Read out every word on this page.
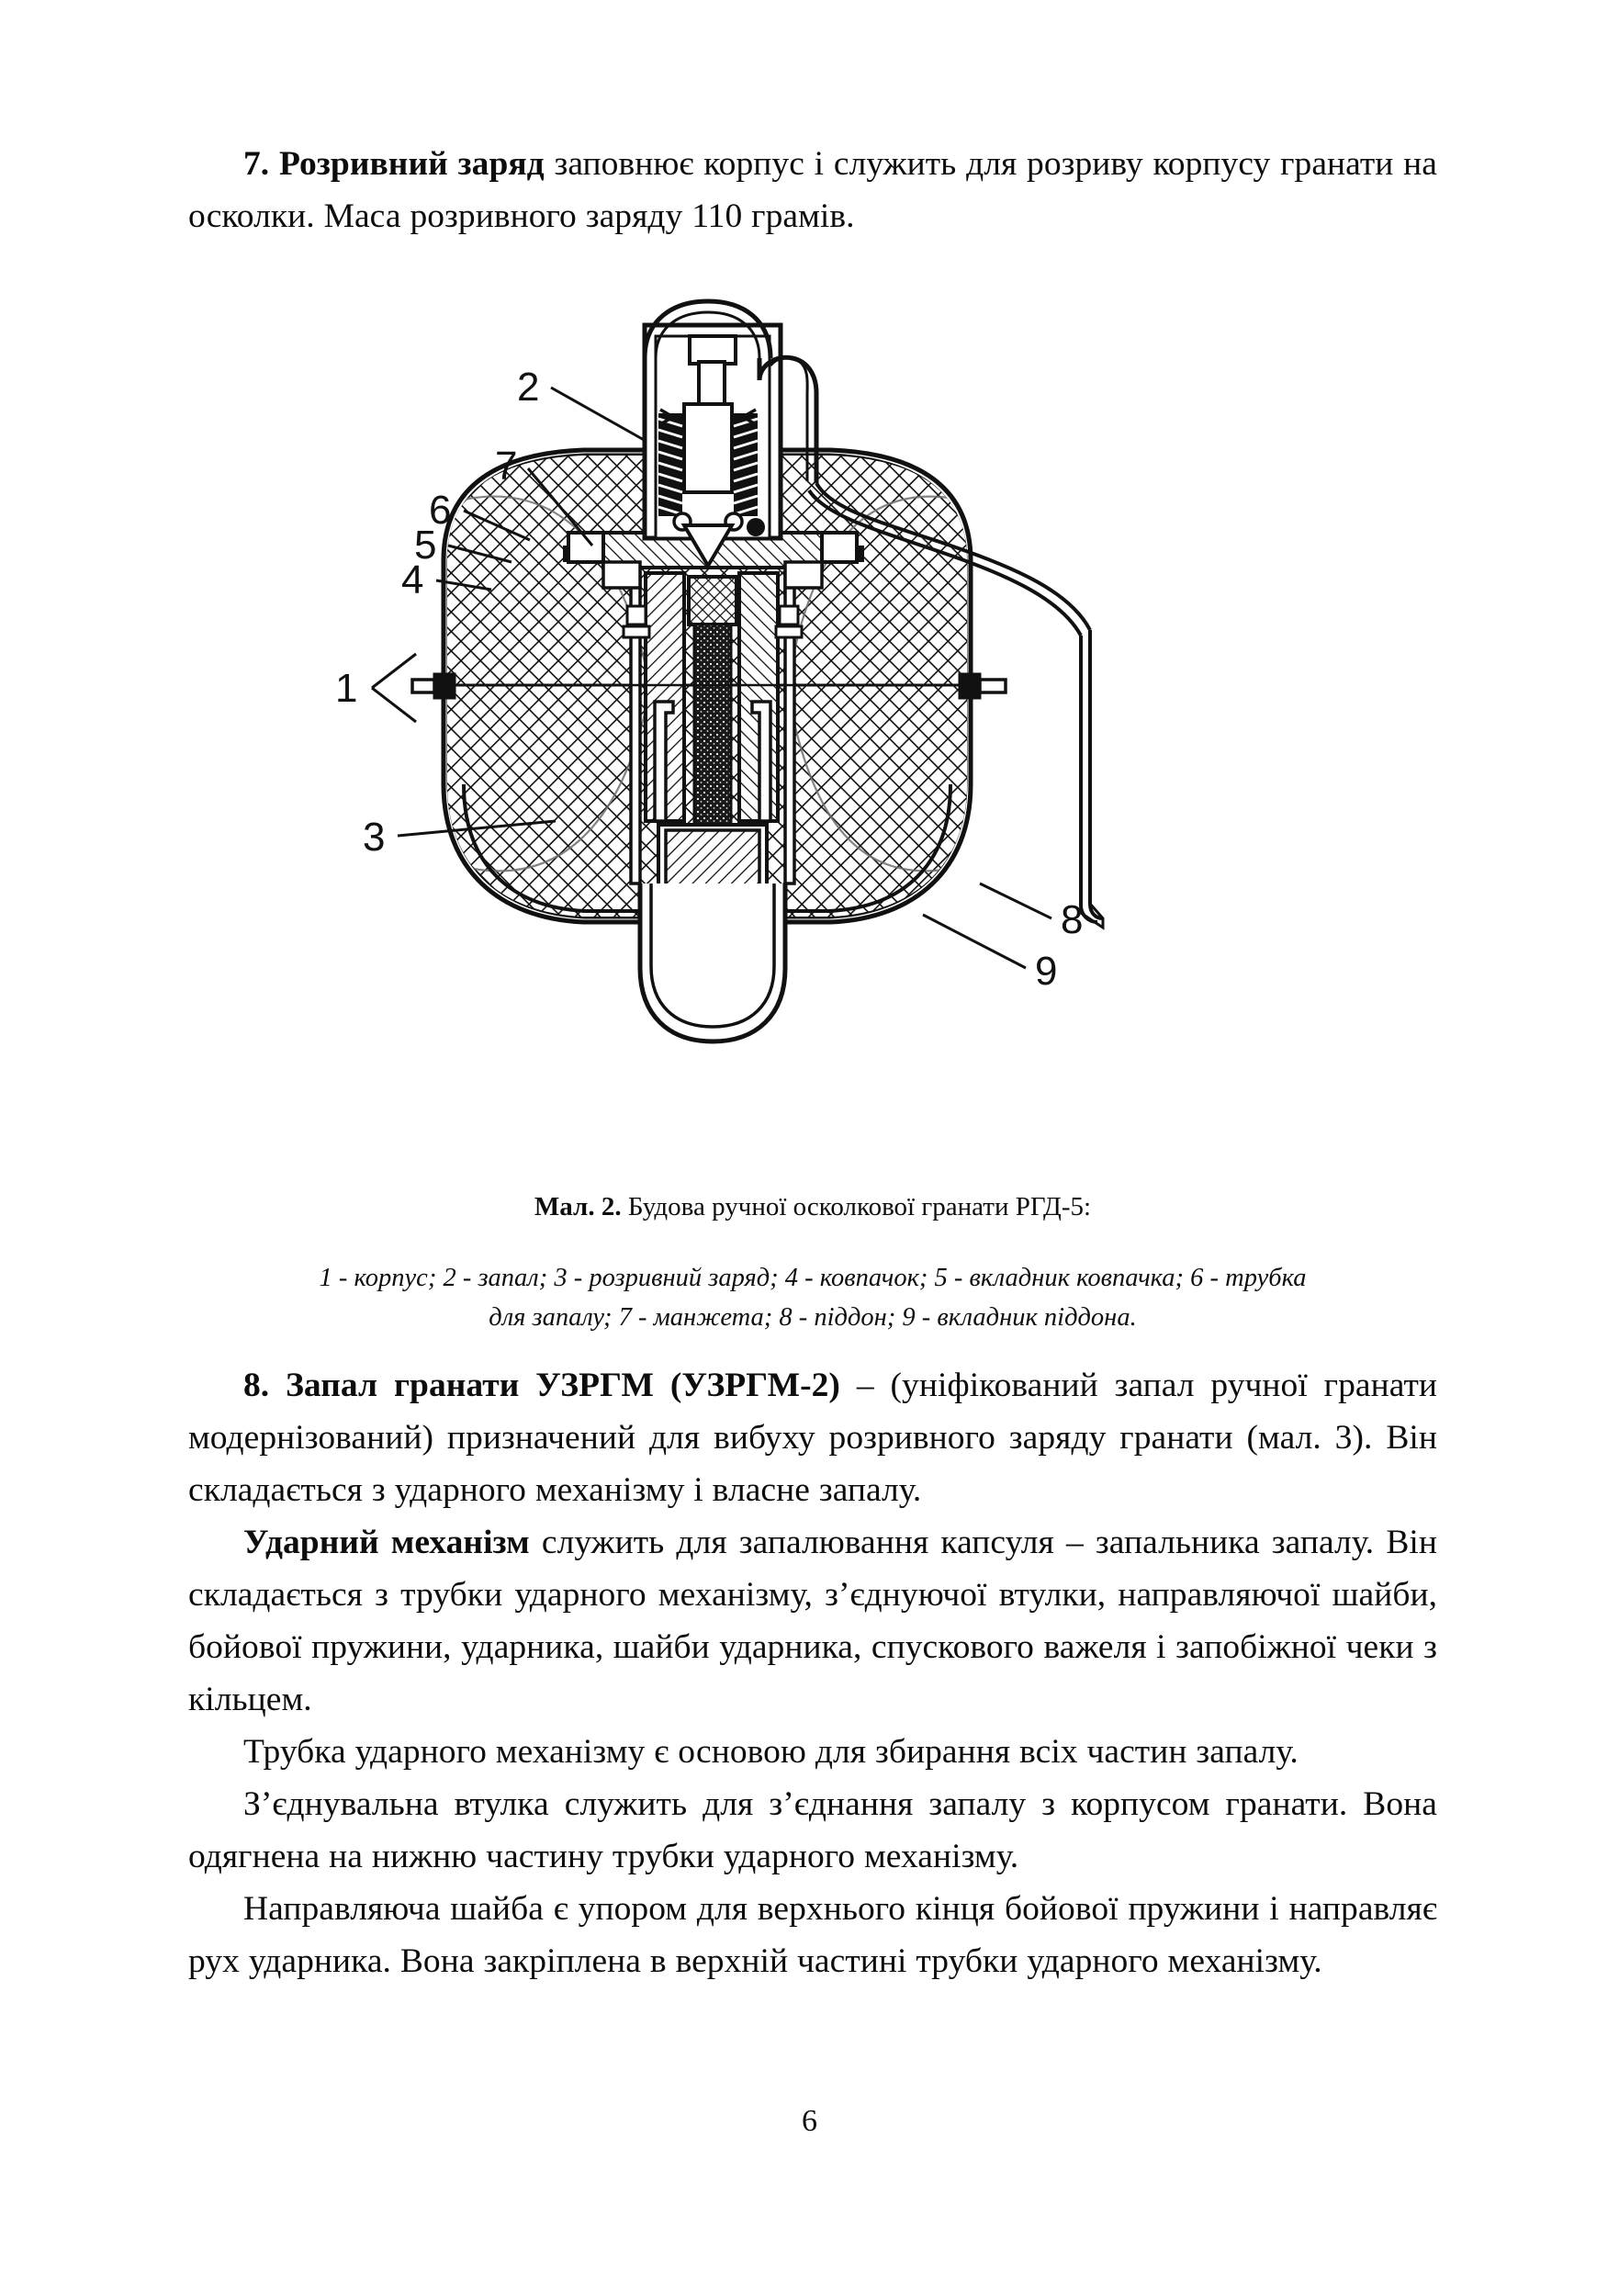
7. Розривний заряд заповнює корпус і служить для розриву корпусу гранати на осколки. Маса розривного заряду 110 грамів.

2
7
6
5
4
1
3
8
9

Мал. 2. Будова ручної осколкової гранати РГД-5:

1 - корпус; 2 - запал; 3 - розривний заряд; 4 - ковпачок; 5 - вкладник ковпачка; 6 - трубка

для запалу; 7 - манжета; 8 - піддон; 9 - вкладник піддона.

8. Запал гранати УЗРГМ (УЗРГМ-2) – (уніфікований запал ручної гранати модернізований) призначений для вибуху розривного заряду гранати (мал. 3). Він складається з ударного механізму і власне запалу.

Ударний механізм служить для запалювання капсуля – запальника запалу. Він складається з трубки ударного механізму, з’єднуючої втулки, направляючої шайби, бойової пружини, ударника, шайби ударника, спускового важеля і запобіжної чеки з кільцем.

Трубка ударного механізму є основою для збирання всіх частин запалу.

З’єднувальна втулка служить для з’єднання запалу з корпусом гранати. Вона одягнена на нижню частину трубки ударного механізму.

Направляюча шайба є упором для верхнього кінця бойової пружини і направляє рух ударника. Вона закріплена в верхній частині трубки ударного механізму.

6
